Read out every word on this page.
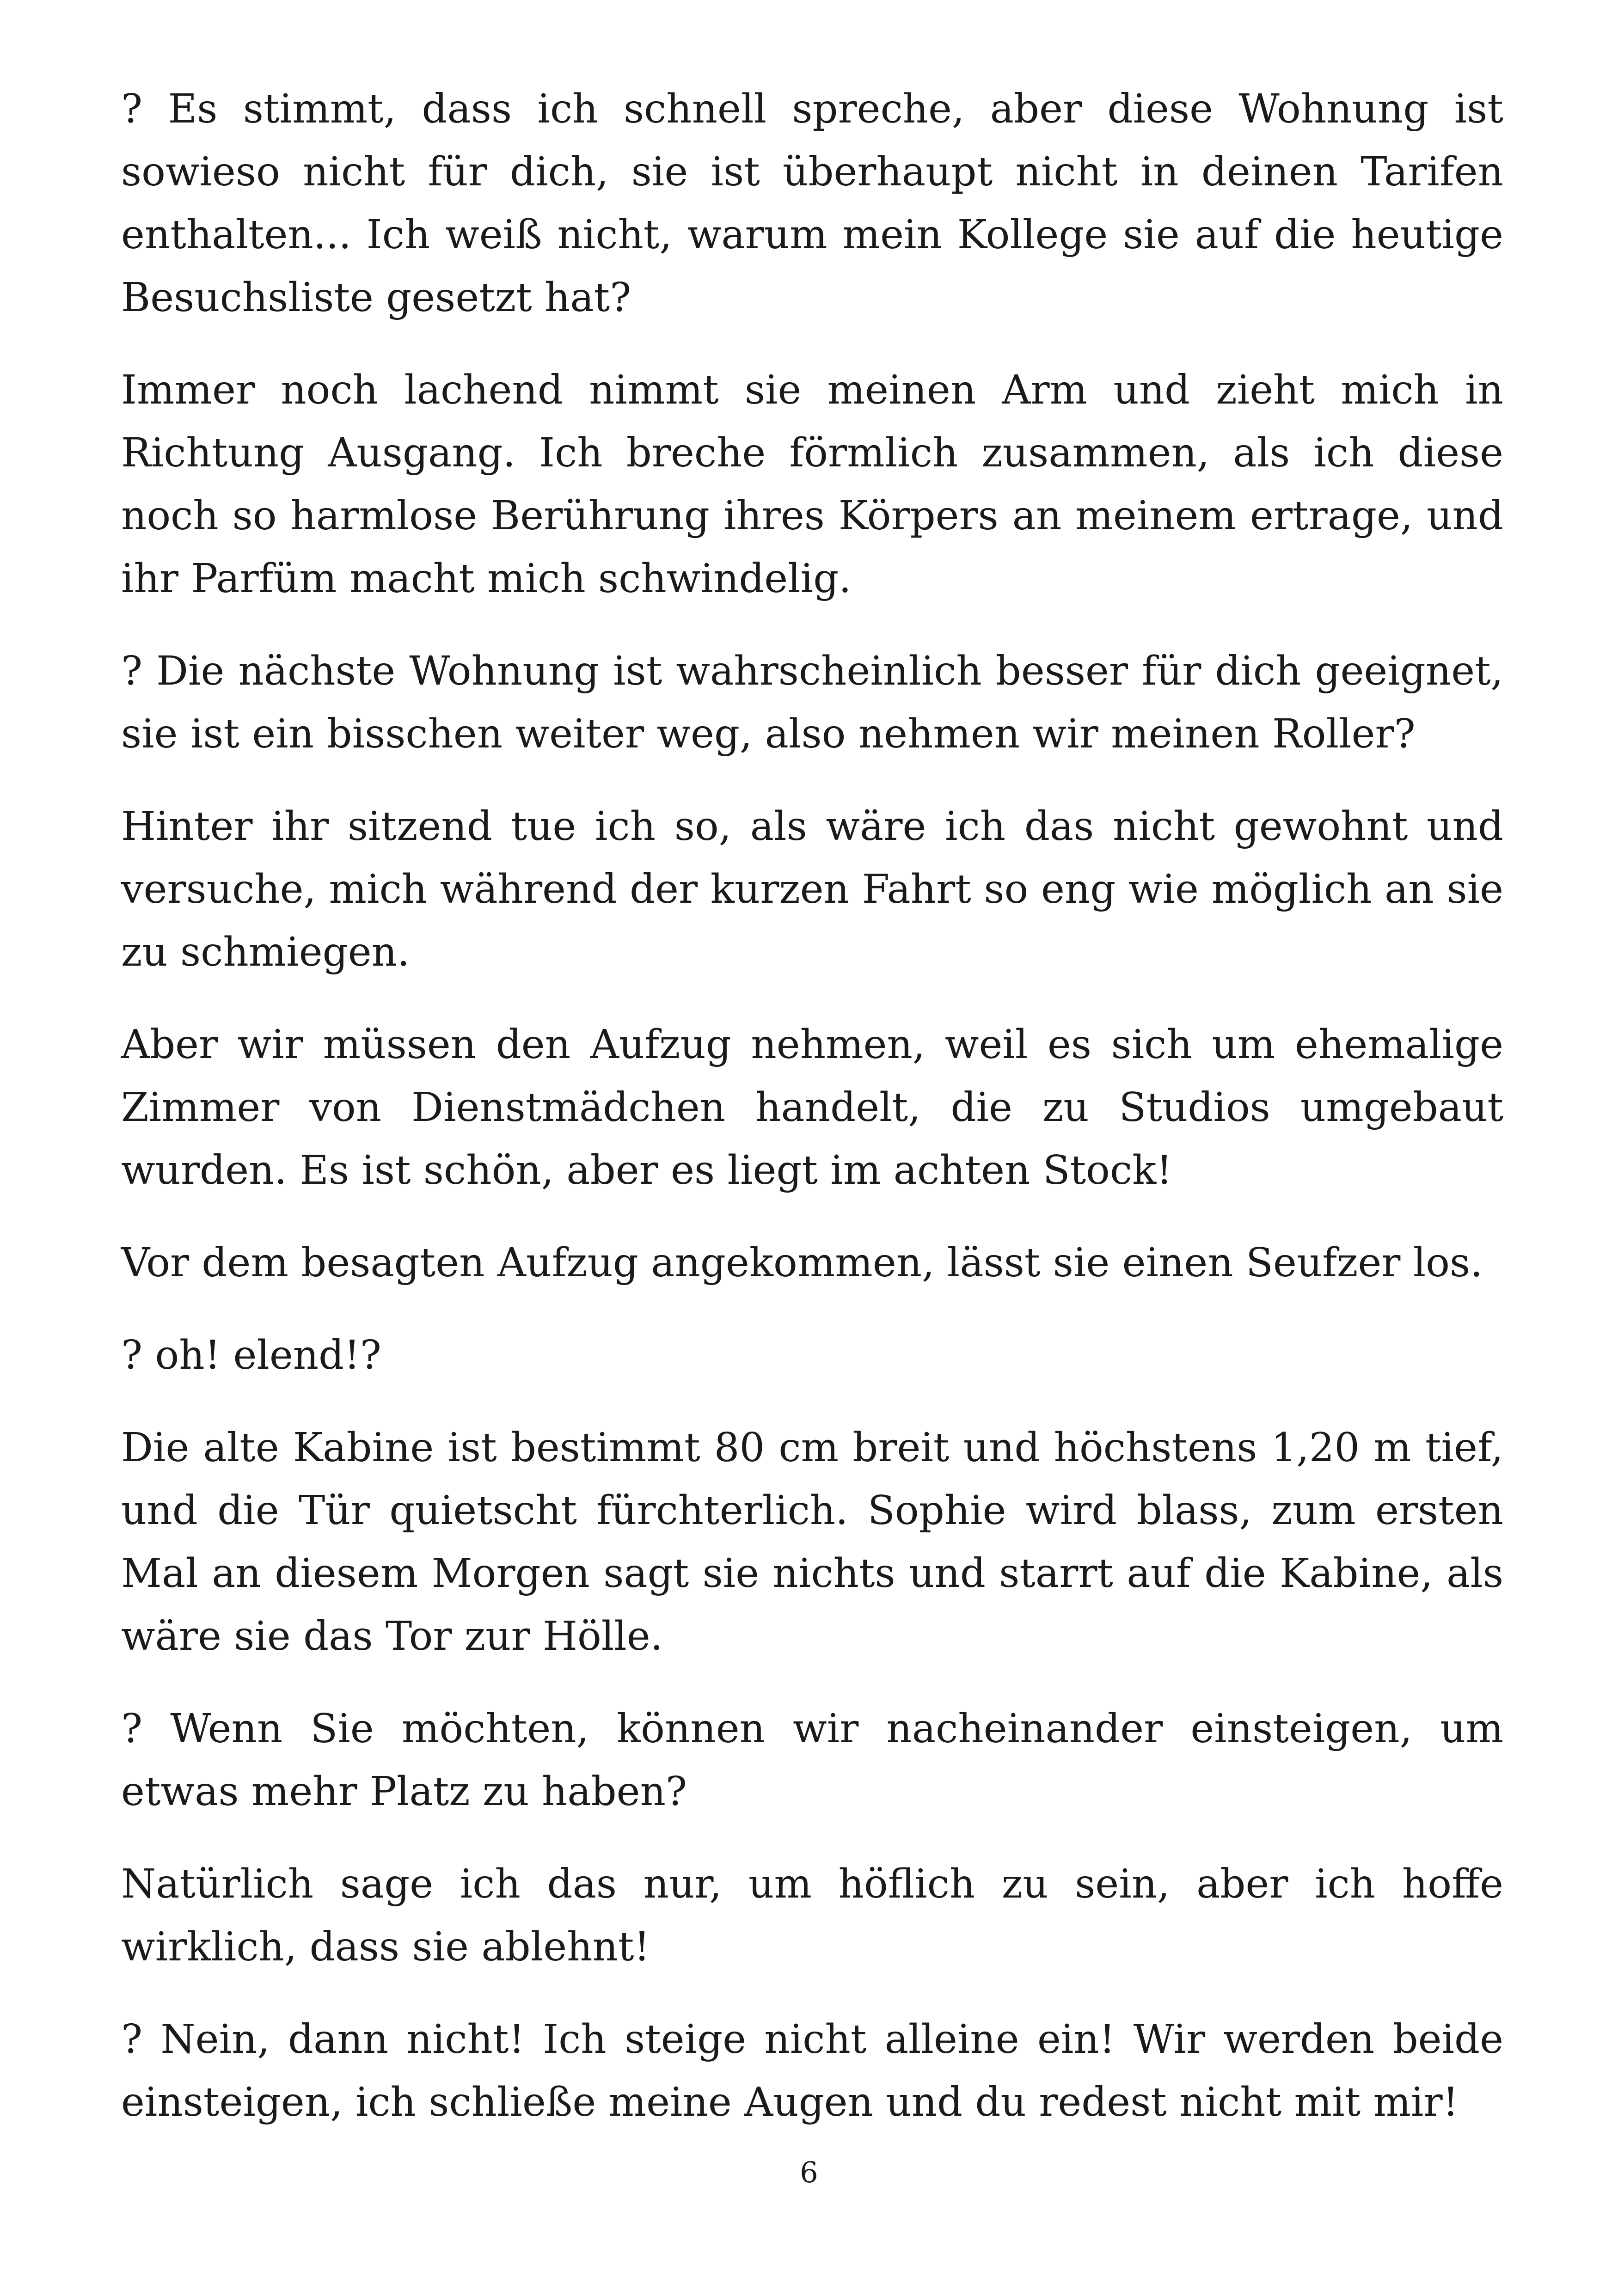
? Es stimmt, dass ich schnell spreche, aber diese Wohnung ist sowieso nicht für dich, sie ist überhaupt nicht in deinen Tarifen enthalten... Ich weiß nicht, warum mein Kollege sie auf die heutige Besuchsliste gesetzt hat?

Immer noch lachend nimmt sie meinen Arm und zieht mich in Richtung Ausgang. Ich breche förmlich zusammen, als ich diese noch so harmlose Berührung ihres Körpers an meinem ertrage, und ihr Parfüm macht mich schwindelig.

? Die nächste Wohnung ist wahrscheinlich besser für dich geeignet, sie ist ein bisschen weiter weg, also nehmen wir meinen Roller?

Hinter ihr sitzend tue ich so, als wäre ich das nicht gewohnt und versuche, mich während der kurzen Fahrt so eng wie möglich an sie zu schmiegen.

Aber wir müssen den Aufzug nehmen, weil es sich um ehemalige Zimmer von Dienstmädchen handelt, die zu Studios umgebaut wurden. Es ist schön, aber es liegt im achten Stock!

Vor dem besagten Aufzug angekommen, lässt sie einen Seufzer los.

? oh! elend!?

Die alte Kabine ist bestimmt 80 cm breit und höchstens 1,20 m tief, und die Tür quietscht fürchterlich. Sophie wird blass, zum ersten Mal an diesem Morgen sagt sie nichts und starrt auf die Kabine, als wäre sie das Tor zur Hölle.

? Wenn Sie möchten, können wir nacheinander einsteigen, um etwas mehr Platz zu haben?

Natürlich sage ich das nur, um höflich zu sein, aber ich hoffe wirklich, dass sie ablehnt!

? Nein, dann nicht! Ich steige nicht alleine ein! Wir werden beide einsteigen, ich schließe meine Augen und du redest nicht mit mir!

6
